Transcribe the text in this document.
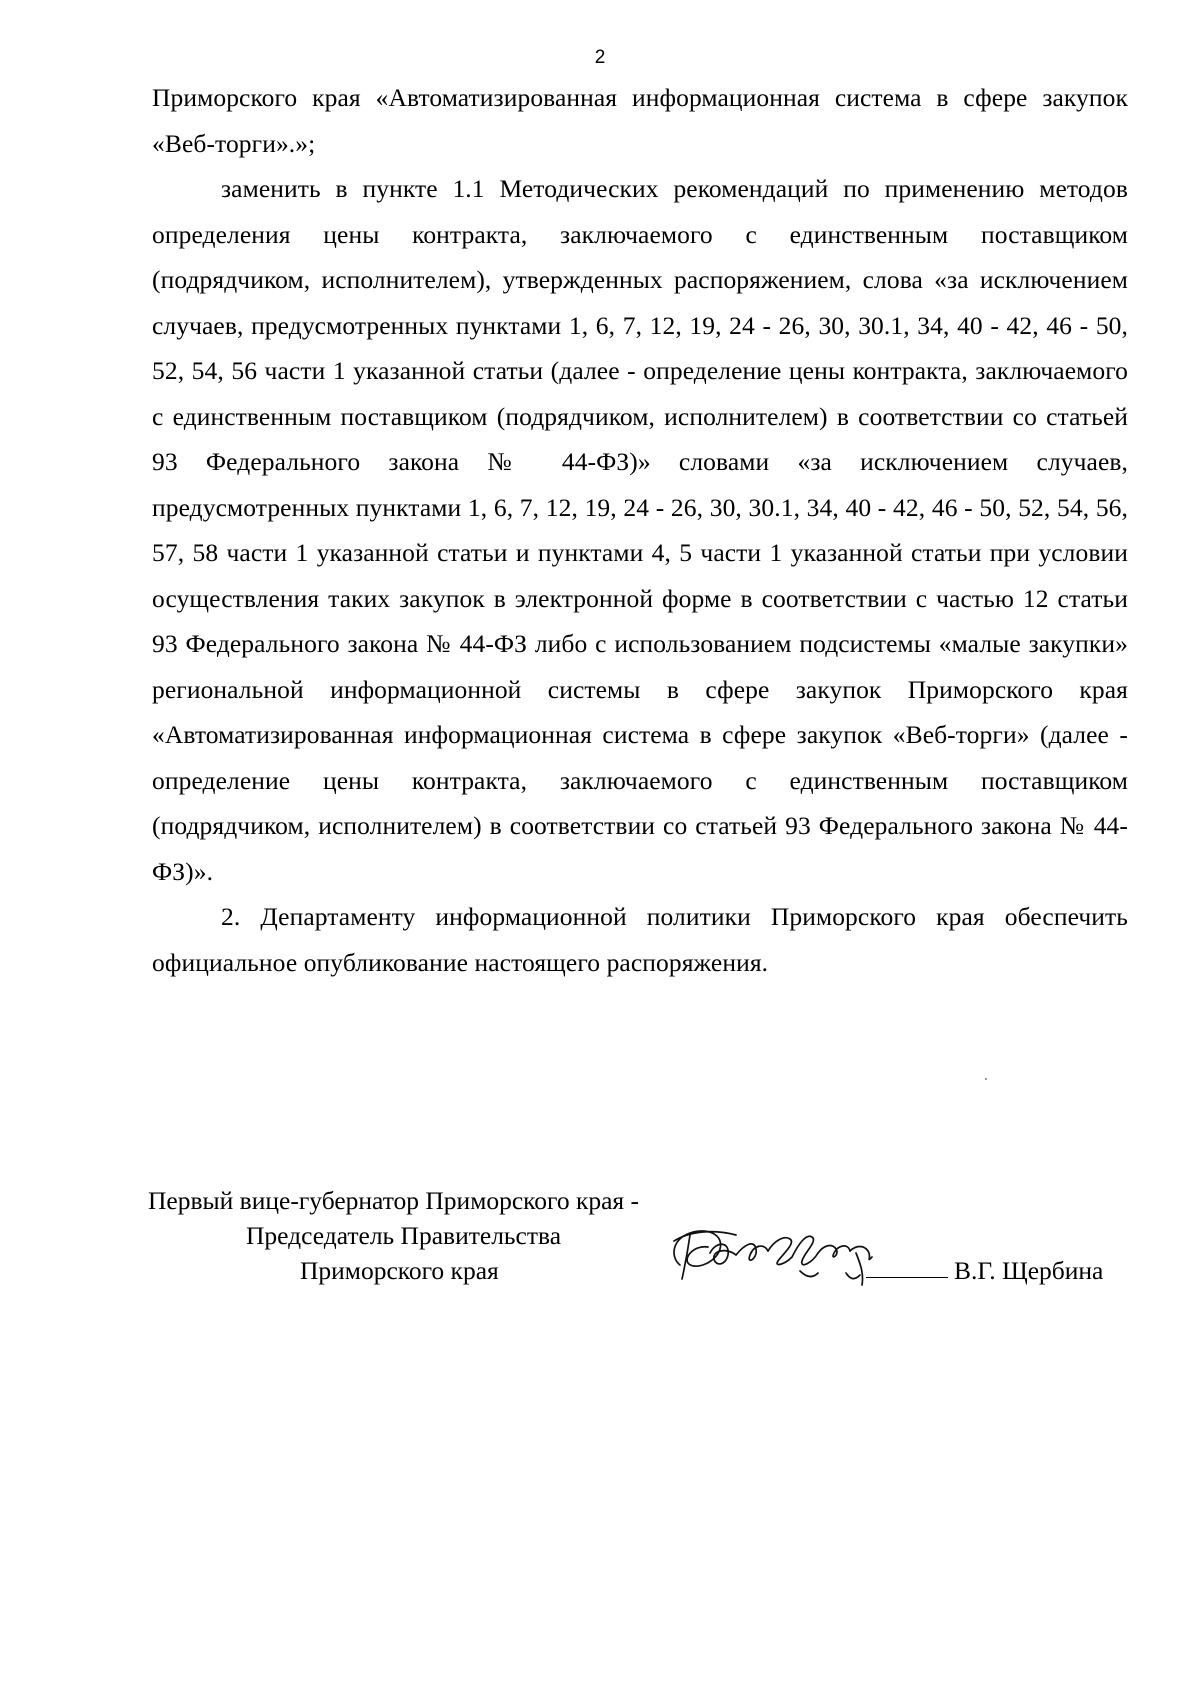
2

Приморского края «Автоматизированная информационная система в сфере закупок «Веб-торги».»;

заменить в пункте 1.1 Методических рекомендаций по применению методов определения цены контракта, заключаемого с единственным поставщиком (подрядчиком, исполнителем), утвержденных распоряжением, слова «за исключением случаев, предусмотренных пунктами 1, 6, 7, 12, 19, 24 - 26, 30, 30.1, 34, 40 - 42, 46 - 50, 52, 54, 56 части 1 указанной статьи (далее - определение цены контракта, заключаемого с единственным поставщиком (подрядчиком, исполнителем) в соответствии со статьей 93 Федерального закона № 44-ФЗ)» словами «за исключением случаев, предусмотренных пунктами 1, 6, 7, 12, 19, 24 - 26, 30, 30.1, 34, 40 - 42, 46 - 50, 52, 54, 56, 57, 58 части 1 указанной статьи и пунктами 4, 5 части 1 указанной статьи при условии осуществления таких закупок в электронной форме в соответствии с частью 12 статьи 93 Федерального закона № 44-ФЗ либо с использованием подсистемы «малые закупки» региональной информационной системы в сфере закупок Приморского края «Автоматизированная информационная система в сфере закупок «Веб-торги» (далее - определение цены контракта, заключаемого с единственным поставщиком (подрядчиком, исполнителем) в соответствии со статьей 93 Федерального закона № 44-ФЗ)».

2. Департаменту информационной политики Приморского края обеспечить официальное опубликование настоящего распоряжения.

Первый вице-губернатор Приморского края -
Председатель Правительства
Приморского края	В.Г. Щербина
